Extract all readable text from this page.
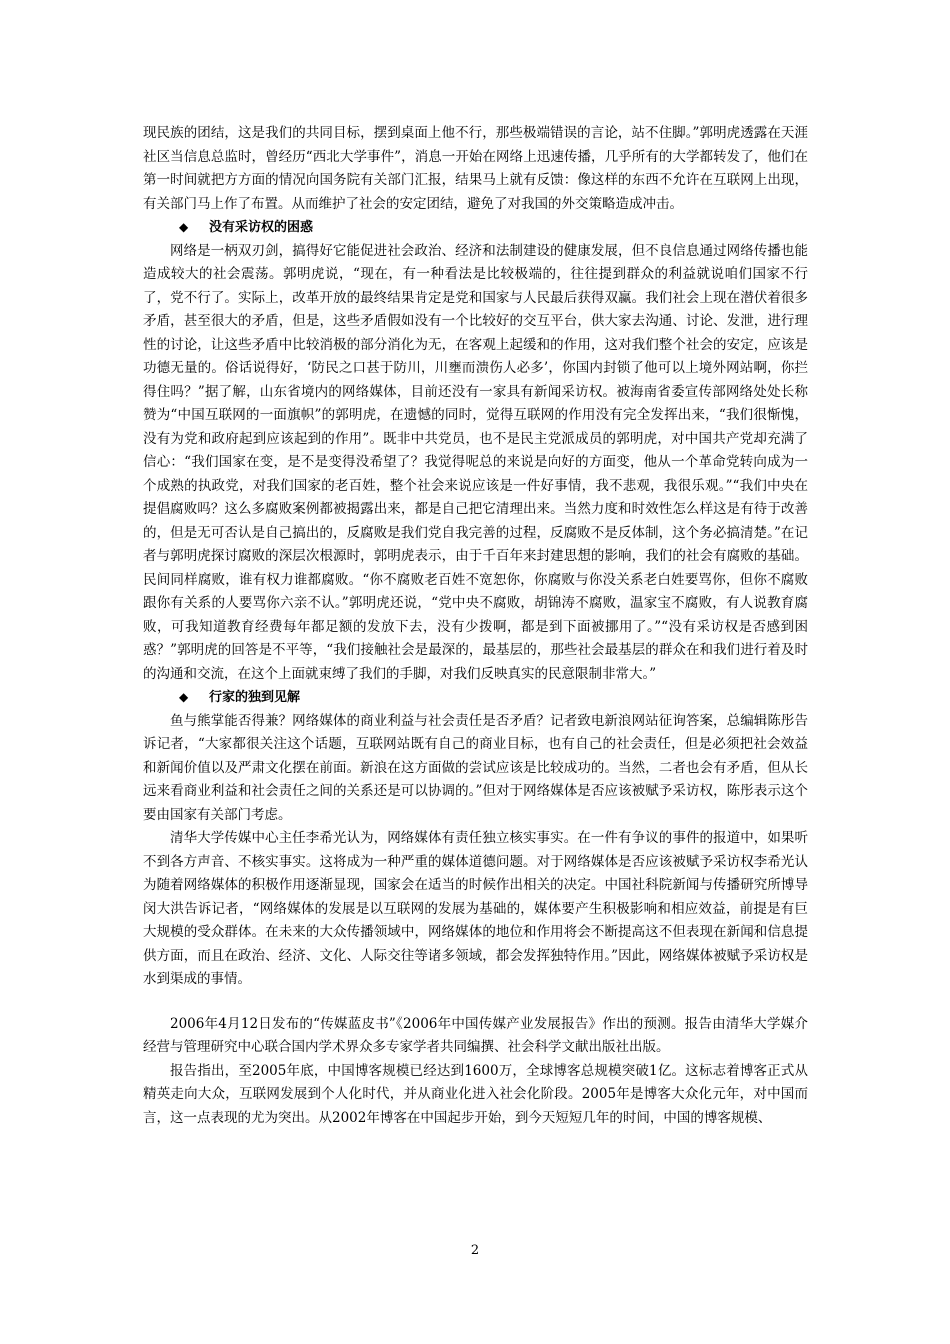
现民族的团结，这是我们的共同目标，摆到桌面上他不行，那些极端错误的言论，站不住脚。”郭明虎透露在天涯社区当信息总监时，曾经历“西北大学事件”，消息一开始在网络上迅速传播，几乎所有的大学都转发了，他们在第一时间就把方方面的情况向国务院有关部门汇报，结果马上就有反馈：像这样的东西不允许在互联网上出现，有关部门马上作了布置。从而维护了社会的安定团结，避免了对我国的外交策略造成冲击。

◆ 没有采访权的困惑

网络是一柄双刃剑，搞得好它能促进社会政治、经济和法制建设的健康发展，但不良信息通过网络传播也能造成较大的社会震荡。郭明虎说，“现在，有一种看法是比较极端的，往往提到群众的利益就说咱们国家不行了，党不行了。实际上，改革开放的最终结果肯定是党和国家与人民最后获得双赢。我们社会上现在潜伏着很多矛盾，甚至很大的矛盾，但是，这些矛盾假如没有一个比较好的交互平台，供大家去沟通、讨论、发泄，进行理性的讨论，让这些矛盾中比较消极的部分消化为无，在客观上起缓和的作用，这对我们整个社会的安定，应该是功德无量的。俗话说得好，‘防民之口甚于防川，川壅而溃伤人必多’，你国内封锁了他可以上境外网站啊，你拦得住吗？”据了解，山东省境内的网络媒体，目前还没有一家具有新闻采访权。被海南省委宣传部网络处处长称赞为“中国互联网的一面旗帜”的郭明虎，在遗憾的同时，觉得互联网的作用没有完全发挥出来，“我们很惭愧，没有为党和政府起到应该起到的作用”。既非中共党员，也不是民主党派成员的郭明虎，对中国共产党却充满了信心：“我们国家在变，是不是变得没希望了？我觉得呢总的来说是向好的方面变，他从一个革命党转向成为一个成熟的执政党，对我们国家的老百姓，整个社会来说应该是一件好事情，我不悲观，我很乐观。”“我们中央在提倡腐败吗？这么多腐败案例都被揭露出来，都是自己把它清理出来。当然力度和时效性怎么样这是有待于改善的，但是无可否认是自己搞出的，反腐败是我们党自我完善的过程，反腐败不是反体制，这个务必搞清楚。”在记者与郭明虎探讨腐败的深层次根源时，郭明虎表示，由于千百年来封建思想的影响，我们的社会有腐败的基础。民间同样腐败，谁有权力谁都腐败。“你不腐败老百姓不宽恕你，你腐败与你没关系老白姓要骂你，但你不腐败跟你有关系的人要骂你六亲不认。”郭明虎还说，“党中央不腐败，胡锦涛不腐败，温家宝不腐败，有人说教育腐败，可我知道教育经费每年都足额的发放下去，没有少拨啊，都是到下面被挪用了。”“没有采访权是否感到困惑？”郭明虎的回答是不平等，“我们接触社会是最深的，最基层的，那些社会最基层的群众在和我们进行着及时的沟通和交流，在这个上面就束缚了我们的手脚，对我们反映真实的民意限制非常大。”

◆ 行家的独到见解

鱼与熊掌能否得兼？网络媒体的商业利益与社会责任是否矛盾？记者致电新浪网站征询答案，总编辑陈彤告诉记者，“大家都很关注这个话题，互联网站既有自己的商业目标，也有自己的社会责任，但是必须把社会效益和新闻价值以及严肃文化摆在前面。新浪在这方面做的尝试应该是比较成功的。当然，二者也会有矛盾，但从长远来看商业利益和社会责任之间的关系还是可以协调的。”但对于网络媒体是否应该被赋予采访权，陈彤表示这个要由国家有关部门考虑。

清华大学传媒中心主任李希光认为，网络媒体有责任独立核实事实。在一件有争议的事件的报道中，如果听不到各方声音、不核实事实。这将成为一种严重的媒体道德问题。对于网络媒体是否应该被赋予采访权李希光认为随着网络媒体的积极作用逐渐显现，国家会在适当的时候作出相关的决定。中国社科院新闻与传播研究所博导闵大洪告诉记者，“网络媒体的发展是以互联网的发展为基础的，媒体要产生积极影响和相应效益，前提是有巨大规模的受众群体。在未来的大众传播领域中，网络媒体的地位和作用将会不断提高这不但表现在新闻和信息提供方面，而且在政治、经济、文化、人际交往等诸多领域，都会发挥独特作用。”因此，网络媒体被赋予采访权是水到渠成的事情。

2006年4月12日发布的“传媒蓝皮书”《2006年中国传媒产业发展报告》作出的预测。报告由清华大学媒介经营与管理研究中心联合国内学术界众多专家学者共同编撰、社会科学文献出版社出版。

报告指出，至2005年底，中国博客规模已经达到1600万，全球博客总规模突破1亿。这标志着博客正式从精英走向大众，互联网发展到个人化时代，并从商业化进入社会化阶段。2005年是博客大众化元年，对中国而言，这一点表现的尤为突出。从2002年博客在中国起步开始，到今天短短几年的时间，中国的博客规模、

2
